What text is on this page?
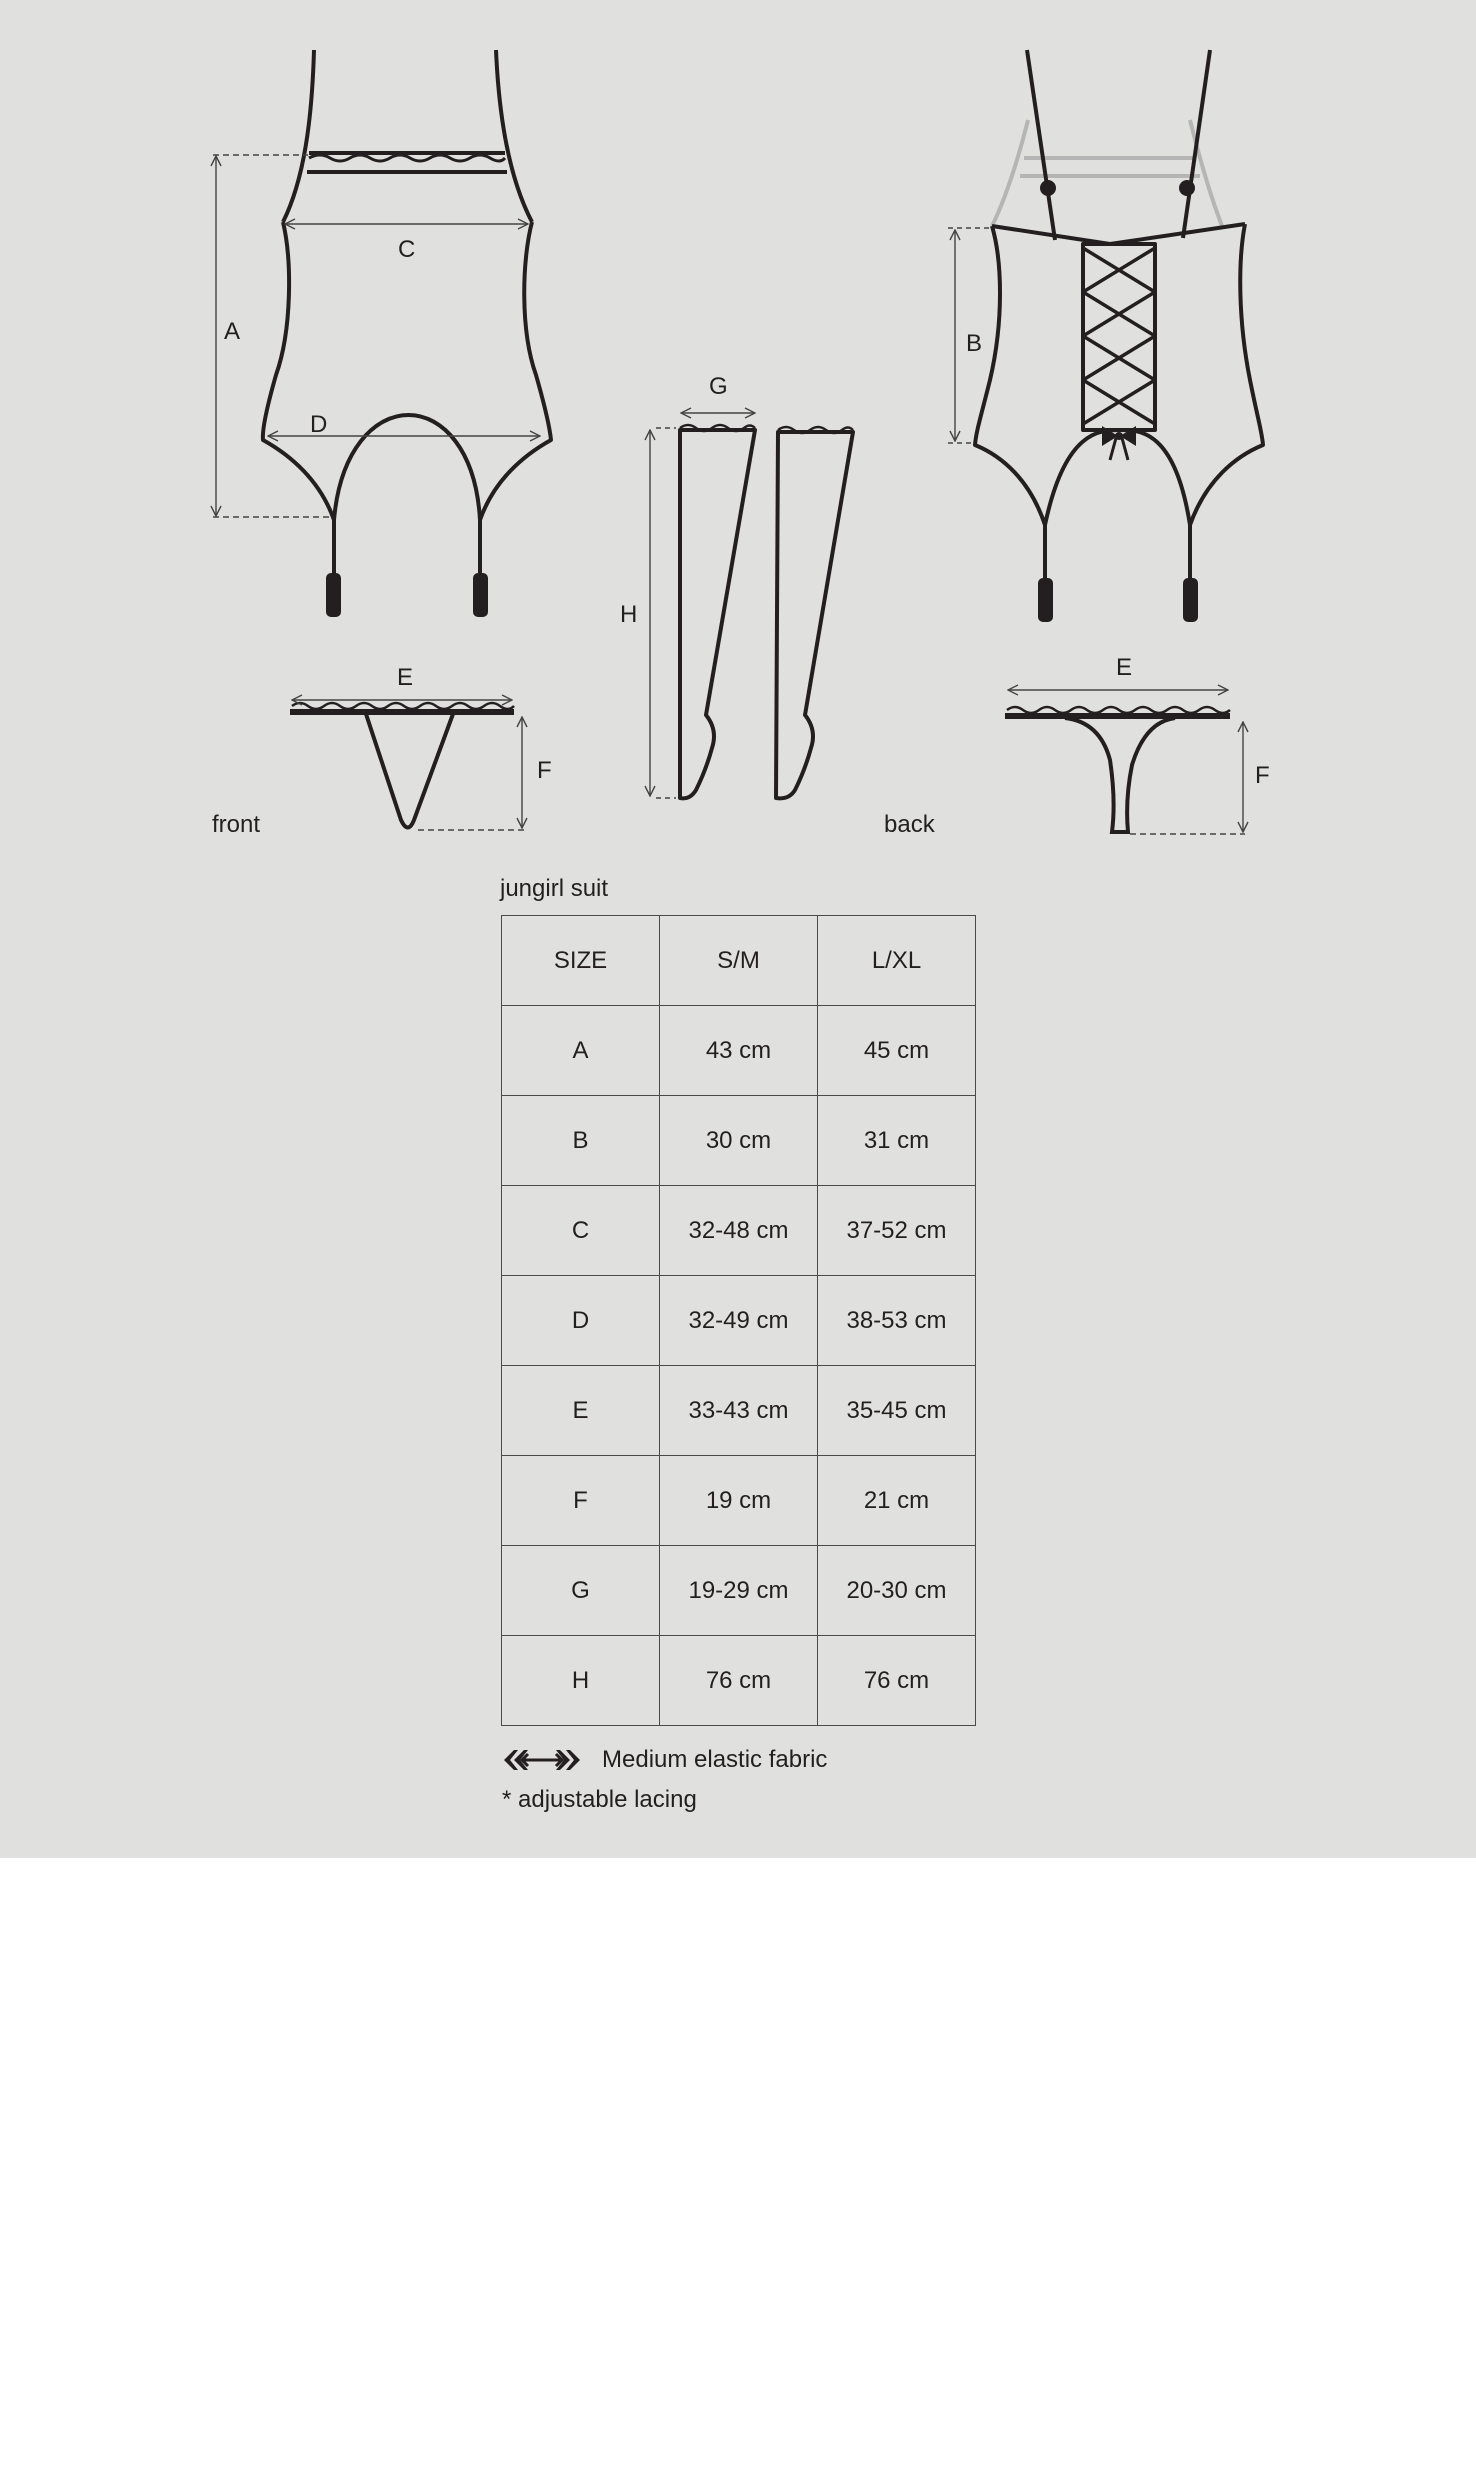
A
C
D
E
F
G
H
B
E
F
front	back
jungirl suit
SIZE	S/M	L/XL
A	43 cm	45 cm
B	30 cm	31 cm
C	32-48 cm	37-52 cm
D	32-49 cm	38-53 cm
E	33-43 cm	35-45 cm
F	19 cm	21 cm
G	19-29 cm	20-30 cm
H	76 cm	76 cm
Medium elastic fabric
* adjustable lacing
